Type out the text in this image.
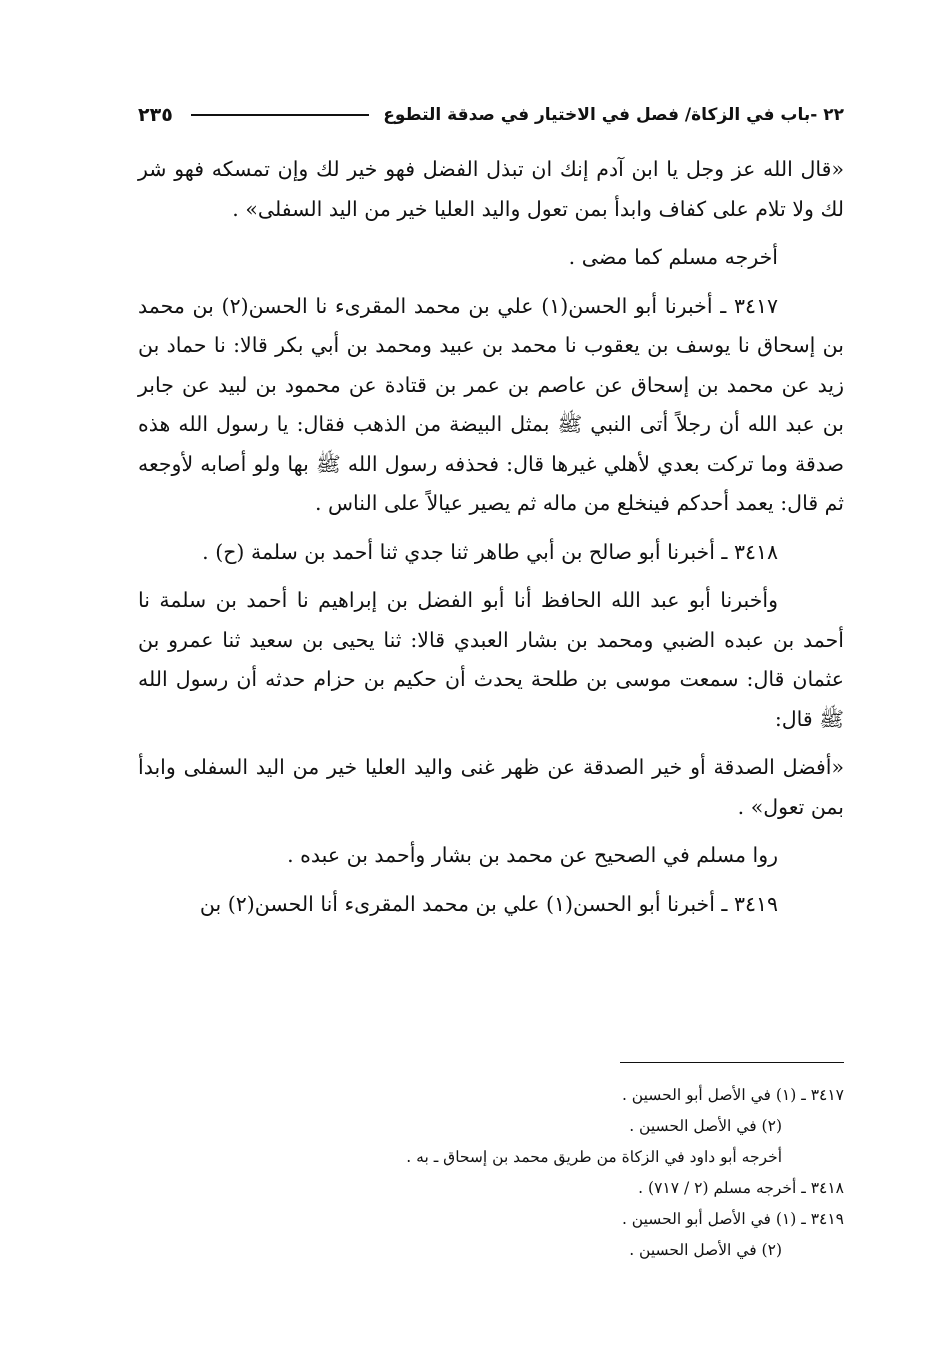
٢٢ -باب في الزكاة/ فصل في الاختيار في صدقة التطوع
٢٣٥

«قال الله عز وجل يا ابن آدم إنك ان تبذل الفضل فهو خير لك وإن تمسكه فهو شر لك ولا تلام على كفاف وابدأ بمن تعول واليد العليا خير من اليد السفلى» .

أخرجه مسلم كما مضى .

٣٤١٧ ـ أخبرنا أبو الحسن(١) علي بن محمد المقرىء نا الحسن(٢) بن محمد بن إسحاق نا يوسف بن يعقوب نا محمد بن عبيد ومحمد بن أبي بكر قالا: نا حماد بن زيد عن محمد بن إسحاق عن عاصم بن عمر بن قتادة عن محمود بن لبيد عن جابر بن عبد الله أن رجلاً أتى النبي ﷺ بمثل البيضة من الذهب فقال: يا رسول الله هذه صدقة وما تركت بعدي لأهلي غيرها قال: فحذفه رسول الله ﷺ بها ولو أصابه لأوجعه ثم قال: يعمد أحدكم فينخلع من ماله ثم يصير عيالاً على الناس .

٣٤١٨ ـ أخبرنا أبو صالح بن أبي طاهر ثنا جدي ثنا أحمد بن سلمة (ح) .

وأخبرنا أبو عبد الله الحافظ أنا أبو الفضل بن إبراهيم نا أحمد بن سلمة نا أحمد بن عبده الضبي ومحمد بن بشار العبدي قالا: ثنا يحيى بن سعيد ثنا عمرو بن عثمان قال: سمعت موسى بن طلحة يحدث أن حكيم بن حزام حدثه أن رسول الله ﷺ قال:

«أفضل الصدقة أو خير الصدقة عن ظهر غنى واليد العليا خير من اليد السفلى وابدأ بمن تعول» .

روا مسلم في الصحيح عن محمد بن بشار وأحمد بن عبده .

٣٤١٩ ـ أخبرنا أبو الحسن(١) علي بن محمد المقرىء أنا الحسن(٢) بن

٣٤١٧ ـ (١) في الأصل أبو الحسين .
(٢) في الأصل الحسين .
أخرجه أبو داود في الزكاة من طريق محمد بن إسحاق ـ به .
٣٤١٨ ـ أخرجه مسلم (٢ / ٧١٧) .
٣٤١٩ ـ (١) في الأصل أبو الحسين .
(٢) في الأصل الحسين .
